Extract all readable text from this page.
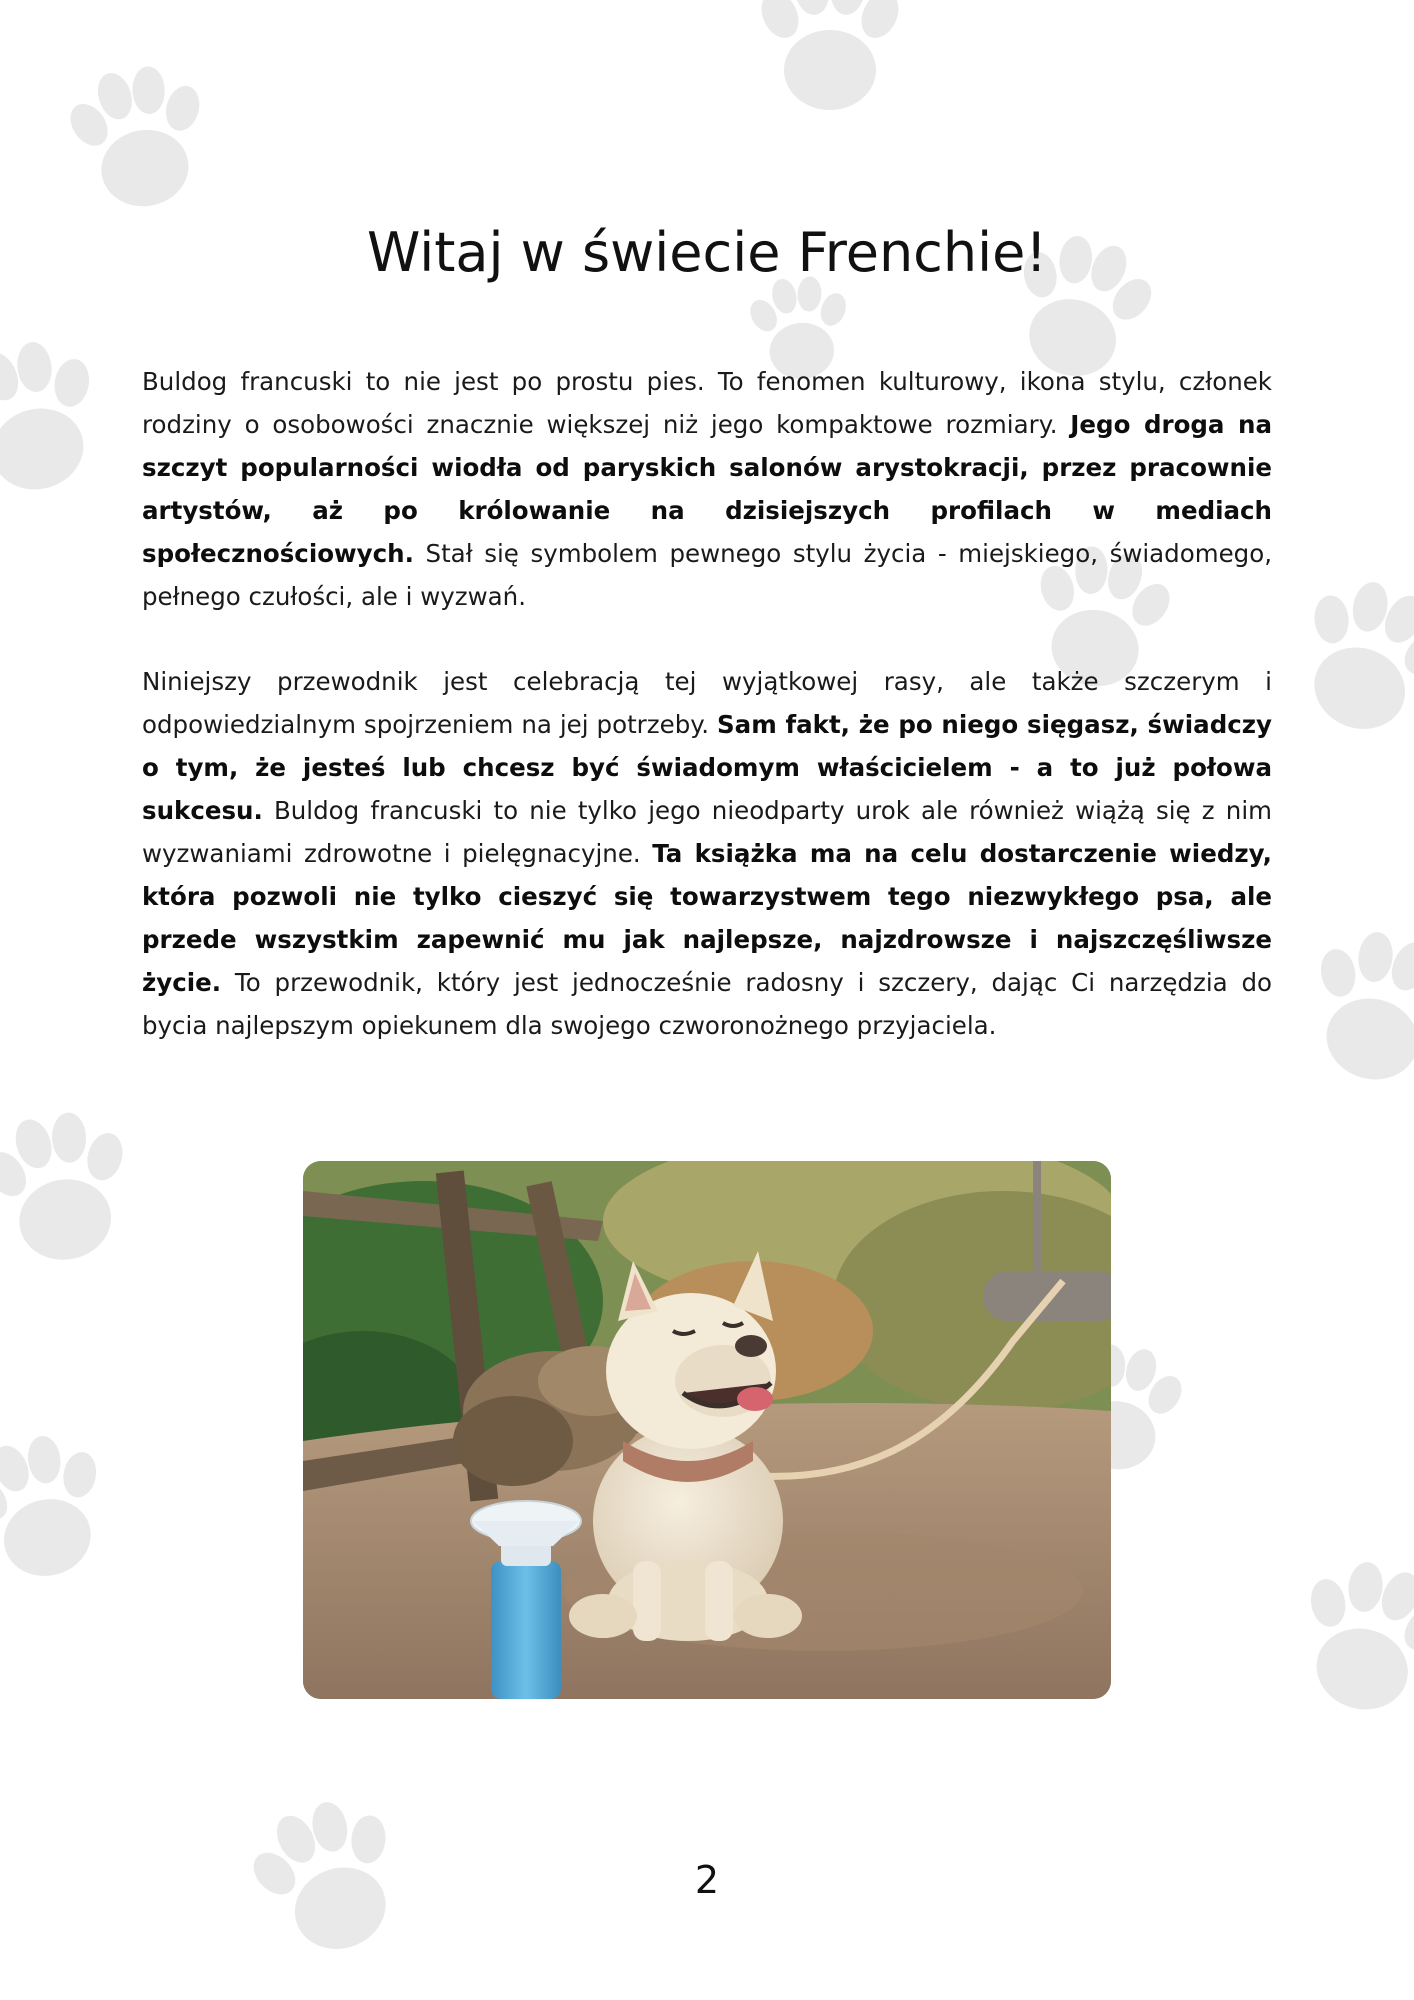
Witaj w świecie Frenchie!

Buldog francuski to nie jest po prostu pies. To fenomen kulturowy, ikona stylu, członek rodziny o osobowości znacznie większej niż jego kompaktowe rozmiary. Jego droga na szczyt popularności wiodła od paryskich salonów arystokracji, przez pracownie artystów, aż po królowanie na dzisiejszych profilach w mediach społecznościowych. Stał się symbolem pewnego stylu życia - miejskiego, świadomego, pełnego czułości, ale i wyzwań.

Niniejszy przewodnik jest celebracją tej wyjątkowej rasy, ale także szczerym i odpowiedzialnym spojrzeniem na jej potrzeby. Sam fakt, że po niego sięgasz, świadczy o tym, że jesteś lub chcesz być świadomym właścicielem - a to już połowa sukcesu. Buldog francuski to nie tylko jego nieodparty urok ale również wiążą się z nim wyzwaniami zdrowotne i pielęgnacyjne. Ta książka ma na celu dostarczenie wiedzy, która pozwoli nie tylko cieszyć się towarzystwem tego niezwykłego psa, ale przede wszystkim zapewnić mu jak najlepsze, najzdrowsze i najszczęśliwsze życie. To przewodnik, który jest jednocześnie radosny i szczery, dając Ci narzędzia do bycia najlepszym opiekunem dla swojego czworonożnego przyjaciela.

2
